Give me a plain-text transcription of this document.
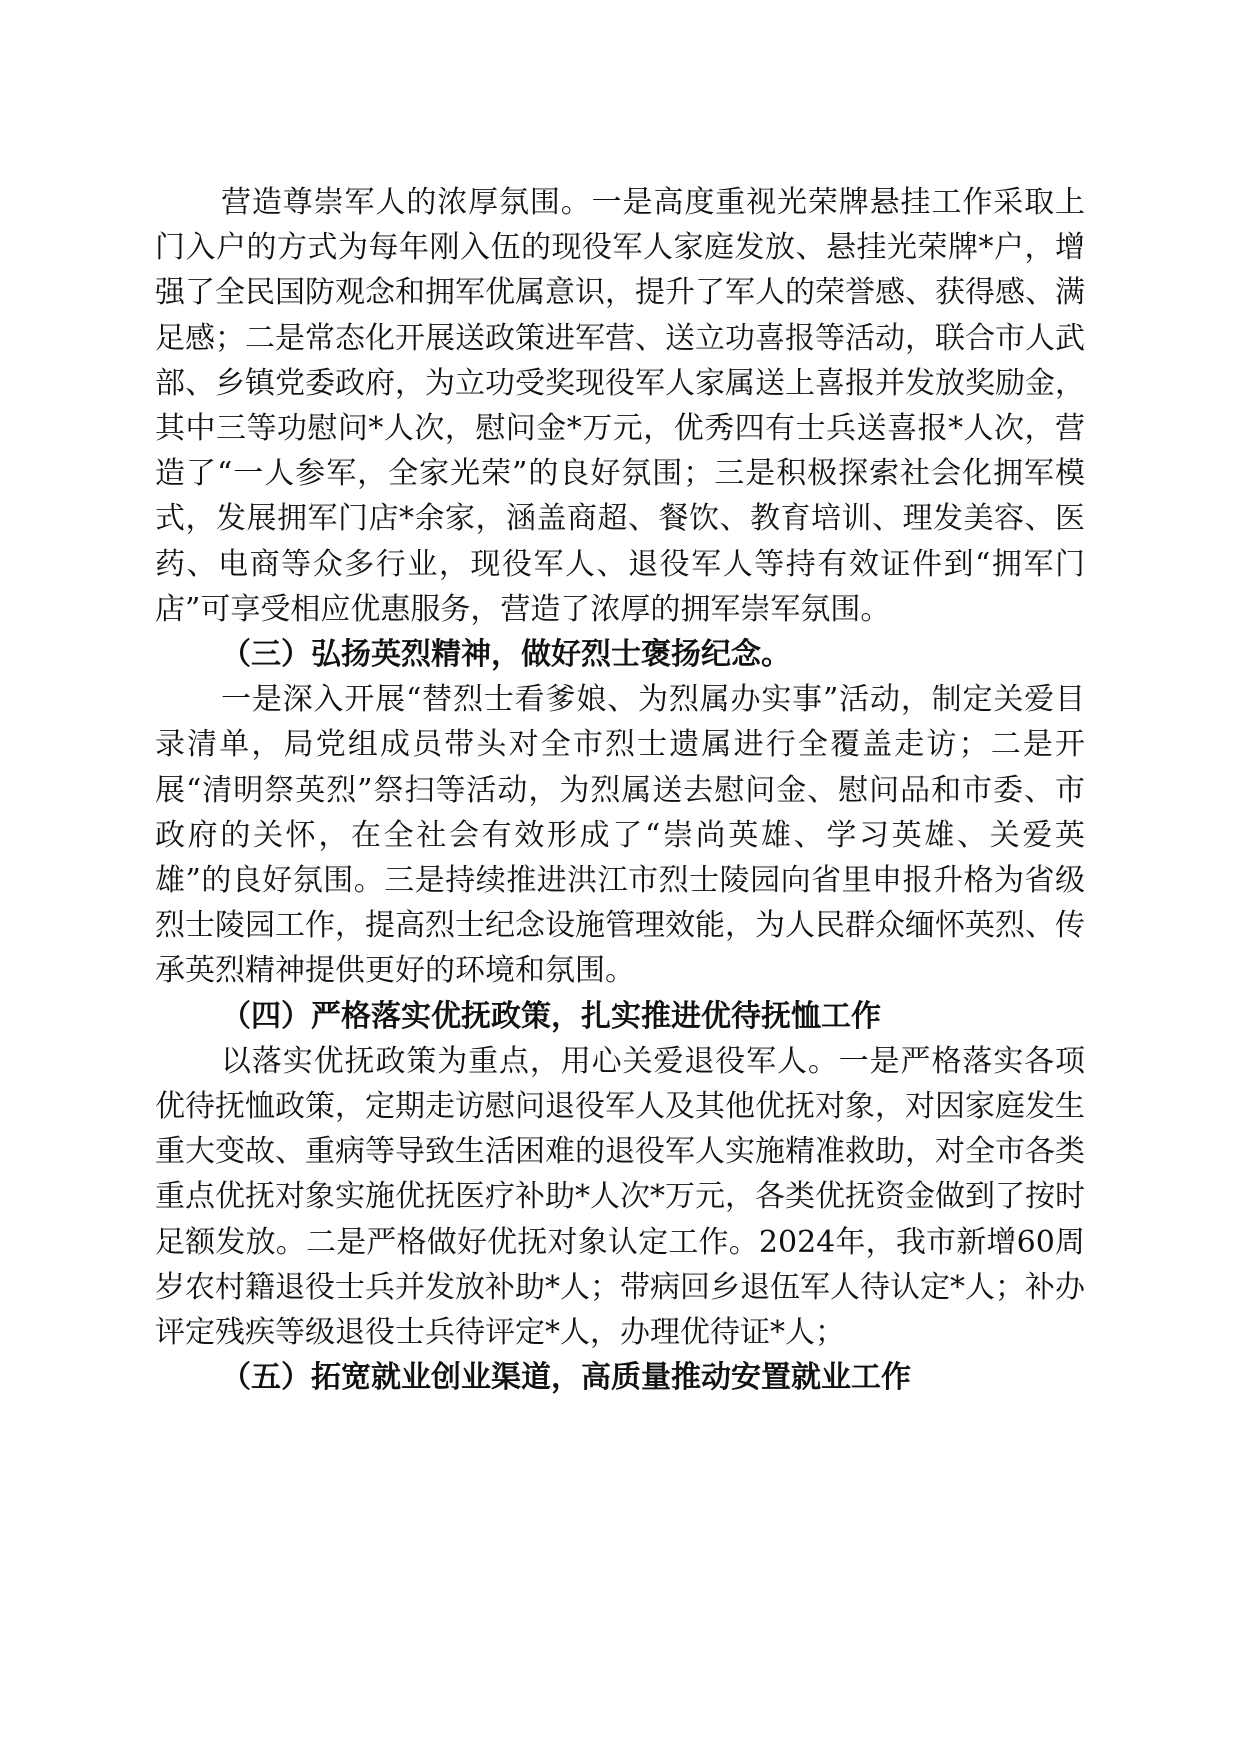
营造尊崇军人的浓厚氛围。一是高度重视光荣牌悬挂工作采取上门入户的方式为每年刚入伍的现役军人家庭发放、悬挂光荣牌*户，增强了全民国防观念和拥军优属意识，提升了军人的荣誉感、获得感、满足感；二是常态化开展送政策进军营、送立功喜报等活动，联合市人武部、乡镇党委政府，为立功受奖现役军人家属送上喜报并发放奖励金，其中三等功慰问*人次，慰问金*万元，优秀四有士兵送喜报*人次，营造了“一人参军，全家光荣”的良好氛围；三是积极探索社会化拥军模式，发展拥军门店*余家，涵盖商超、餐饮、教育培训、理发美容、医药、电商等众多行业，现役军人、退役军人等持有效证件到“拥军门店”可享受相应优惠服务，营造了浓厚的拥军崇军氛围。

（三）弘扬英烈精神，做好烈士褒扬纪念。

一是深入开展“替烈士看爹娘、为烈属办实事”活动，制定关爱目录清单，局党组成员带头对全市烈士遗属进行全覆盖走访；二是开展“清明祭英烈”祭扫等活动，为烈属送去慰问金、慰问品和市委、市政府的关怀，在全社会有效形成了“崇尚英雄、学习英雄、关爱英雄”的良好氛围。三是持续推进洪江市烈士陵园向省里申报升格为省级烈士陵园工作，提高烈士纪念设施管理效能，为人民群众缅怀英烈、传承英烈精神提供更好的环境和氛围。

（四）严格落实优抚政策，扎实推进优待抚恤工作

以落实优抚政策为重点，用心关爱退役军人。一是严格落实各项优待抚恤政策，定期走访慰问退役军人及其他优抚对象，对因家庭发生重大变故、重病等导致生活困难的退役军人实施精准救助，对全市各类重点优抚对象实施优抚医疗补助*人次*万元，各类优抚资金做到了按时足额发放。二是严格做好优抚对象认定工作。2024年，我市新增60周岁农村籍退役士兵并发放补助*人；带病回乡退伍军人待认定*人；补办评定残疾等级退役士兵待评定*人，办理优待证*人；

（五）拓宽就业创业渠道，高质量推动安置就业工作
